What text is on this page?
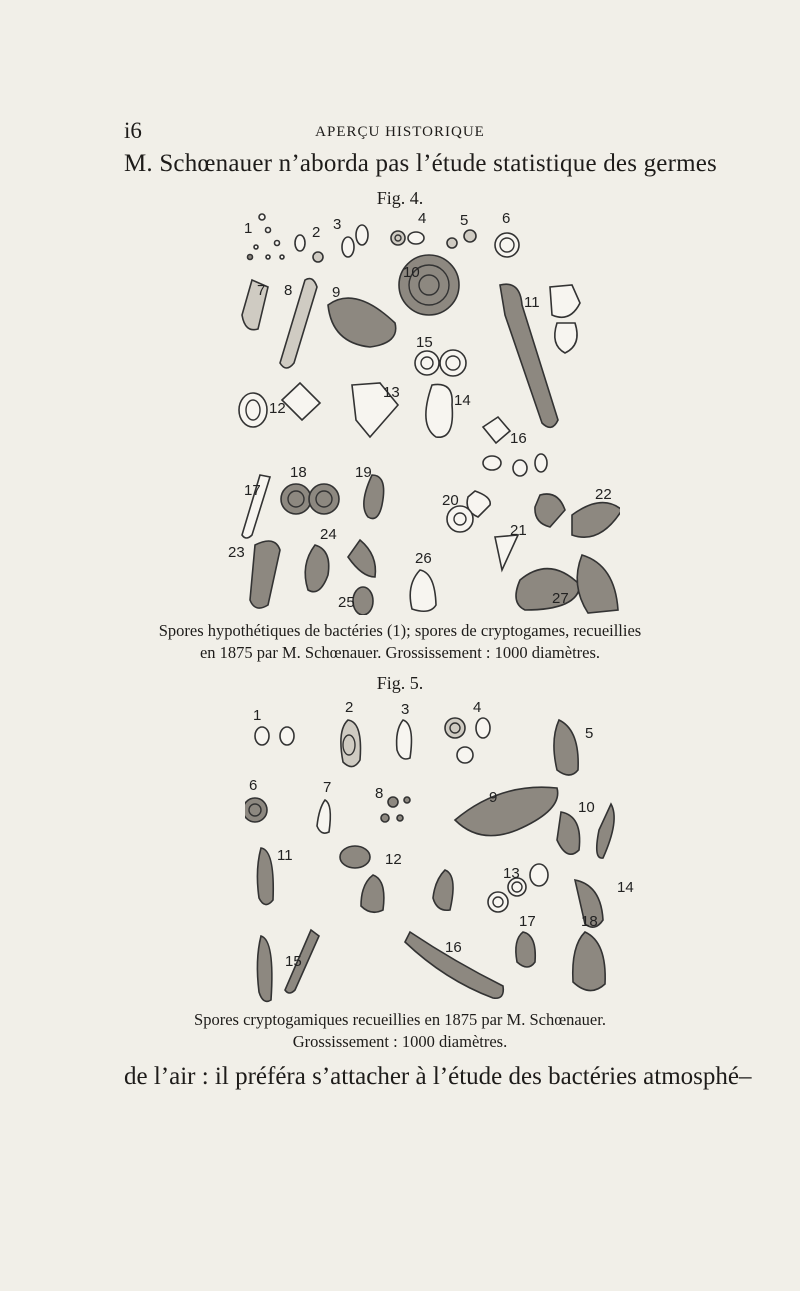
i6	APERÇU HISTORIQUE
M. Schœnauer n’aborda pas l’étude statistique des germes
Fig. 4.
1	2 3	4 5 6
7 8	9
10
11
12
13	14
15
16
17
18	19
20
21
22
23
24
25
26
27
Spores hypothétiques de bactéries (1); spores de cryptogames, recueillies
en 1875 par M. Schœnauer. Grossissement : 1000 diamètres.
Fig. 5.
1	2	3	4
5
6	7	8	9
10
11	12
13
14
15
16
17	18
Spores cryptogamiques recueillies en 1875 par M. Schœnauer.
Grossissement : 1000 diamètres.
de l’air : il préféra s’attacher à l’étude des bactéries atmosphé–
